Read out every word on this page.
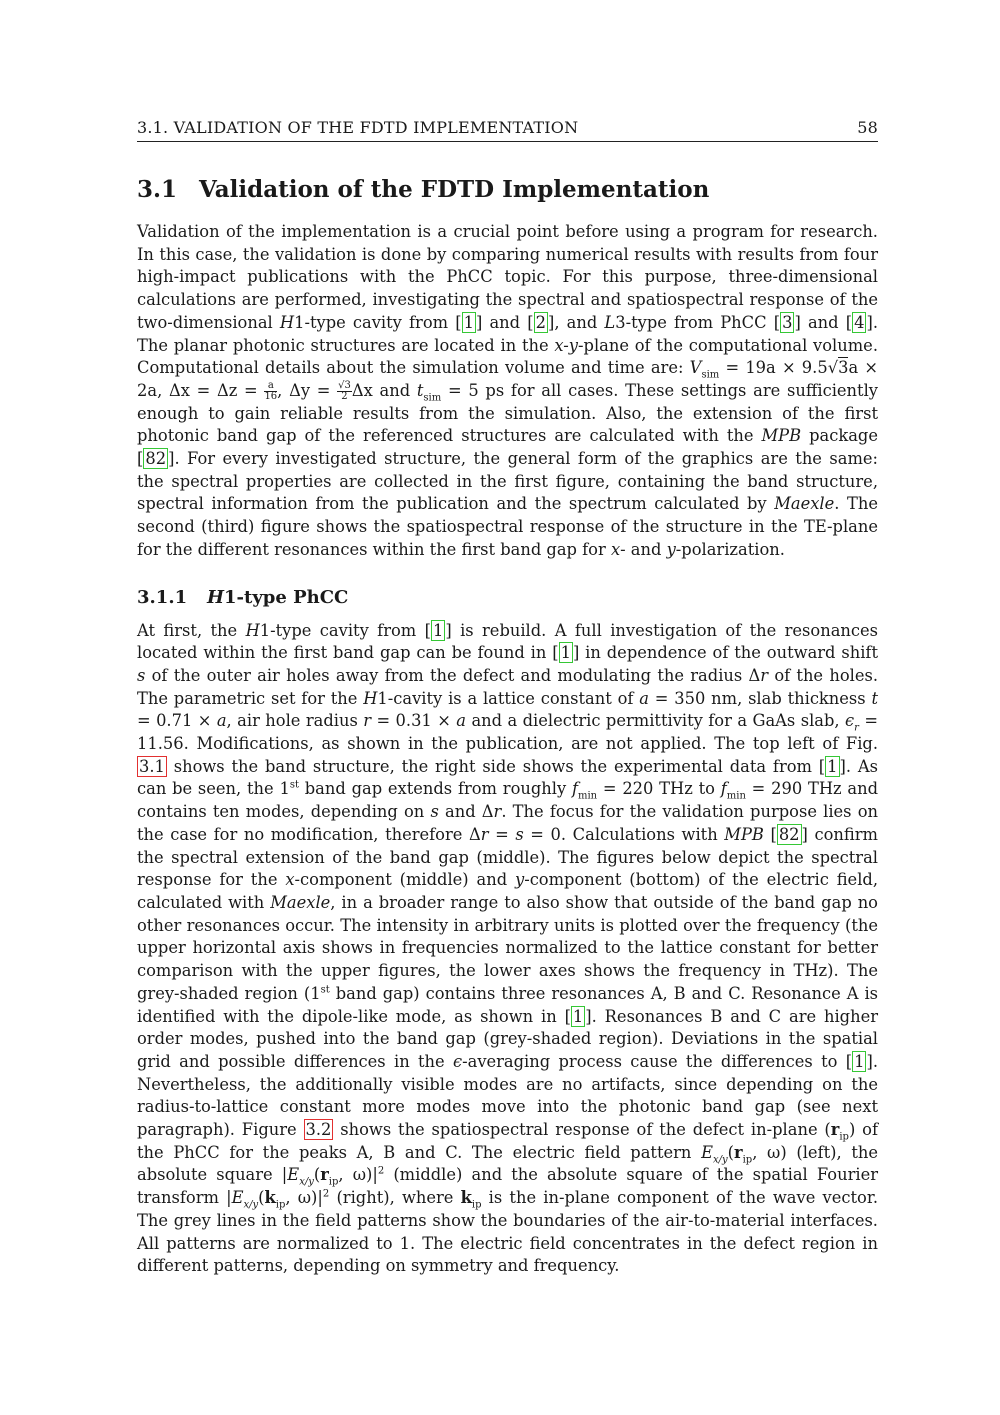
3.1. VALIDATION OF THE FDTD IMPLEMENTATION	58
3.1 Validation of the FDTD Implementation

Validation of the implementation is a crucial point before using a program for research. In this case, the validation is done by comparing numerical results with results from four high-impact publications with the PhCC topic. For this purpose, three-dimensional calculations are performed, investigating the spectral and spatiospectral response of the two-dimensional H1-type cavity from [ 1 ] and [ 2 ], and L3-type from PhCC [ 3 ] and [ 4 ]. The planar photonic structures are located in the x-y-plane of the computational volume. Computational details about the simulation volume and time are: $V_{sim} = 19a \times 9.5√3a \times 2a$, $\Delta x = \Delta z = \frac{a}{16}$ , $\Delta y = \frac{√3}{2}$ Δx and $t_{sim} = 5$ ps for all cases. These settings are sufficiently enough to gain reliable results from the simulation. Also, the extension of the first photonic band gap of the referenced structures are calculated with the MPB package [ 82 ]. For every investigated structure, the general form of the graphics are the same: the spectral properties are collected in the first figure, containing the band structure, spectral information from the publication and the spectrum calculated by Maexle. The second (third) figure shows the spatiospectral response of the structure in the TE-plane for the different resonances within the first band gap for x- and y-polarization.

3.1.1 H1-type PhCC

At first, the H1-type cavity from [ 1 ] is rebuild. A full investigation of the resonances located within the first band gap can be found in [ 1 ] in dependence of the outward shift s of the outer air holes away from the defect and modulating the radius Δr of the holes. The parametric set for the H1-cavity is a lattice constant of a = 350 nm, slab thickness t = 0.71 × a, air hole radius r = 0.31 × a and a dielectric permittivity for a GaAs slab, $\epsilon_r = 11.56$. Modifications, as shown in the publication, are not applied. The top left of Fig. 3.1 shows the band structure, the right side shows the experimental data from [ 1 ]. As can be seen, the 1st band gap extends from roughly $f_{min} = 220$ THz to $f_{min} = 290$ THz and contains ten modes, depending on s and Δr. The focus for the validation purpose lies on the case for no modification, therefore Δr = s = 0. Calculations with MPB [ 82 ] confirm the spectral extension of the band gap (middle). The figures below depict the spectral response for the x-component (middle) and y-component (bottom) of the electric field, calculated with Maexle, in a broader range to also show that outside of the band gap no other resonances occur. The intensity in arbitrary units is plotted over the frequency (the upper horizontal axis shows in frequencies normalized to the lattice constant for better comparison with the upper figures, the lower axes shows the frequency in THz). The grey-shaded region (1st band gap) contains three resonances A, B and C. Resonance A is identified with the dipole-like mode, as shown in [ 1 ]. Resonances B and C are higher order modes, pushed into the band gap (grey-shaded region). Deviations in the spatial grid and possible differences in the ϵ-averaging process cause the differences to [ 1 ]. Nevertheless, the additionally visible modes are no artifacts, since depending on the radius-to-lattice constant more modes move into the photonic band gap (see next paragraph). Figure 3.2 shows the spatiospectral response of the defect in-plane $(r_{ip})$ of the PhCC for the peaks A, B and C. The electric field pattern $E_{x/y}(r_{ip}$, ω) (left), the absolute square $|E_{x/y}(r_{ip}$, $\omega)|^2$ (middle) and the absolute square of the spatial Fourier transform $|E_{x/y}(k_{ip}$, $\omega)|^2$ (right), where $k_{ip}$ is the in-plane component of the wave vector. The grey lines in the field patterns show the boundaries of the air-to-material interfaces. All patterns are normalized to 1. The electric field concentrates in the defect region in different patterns, depending on symmetry and frequency.
